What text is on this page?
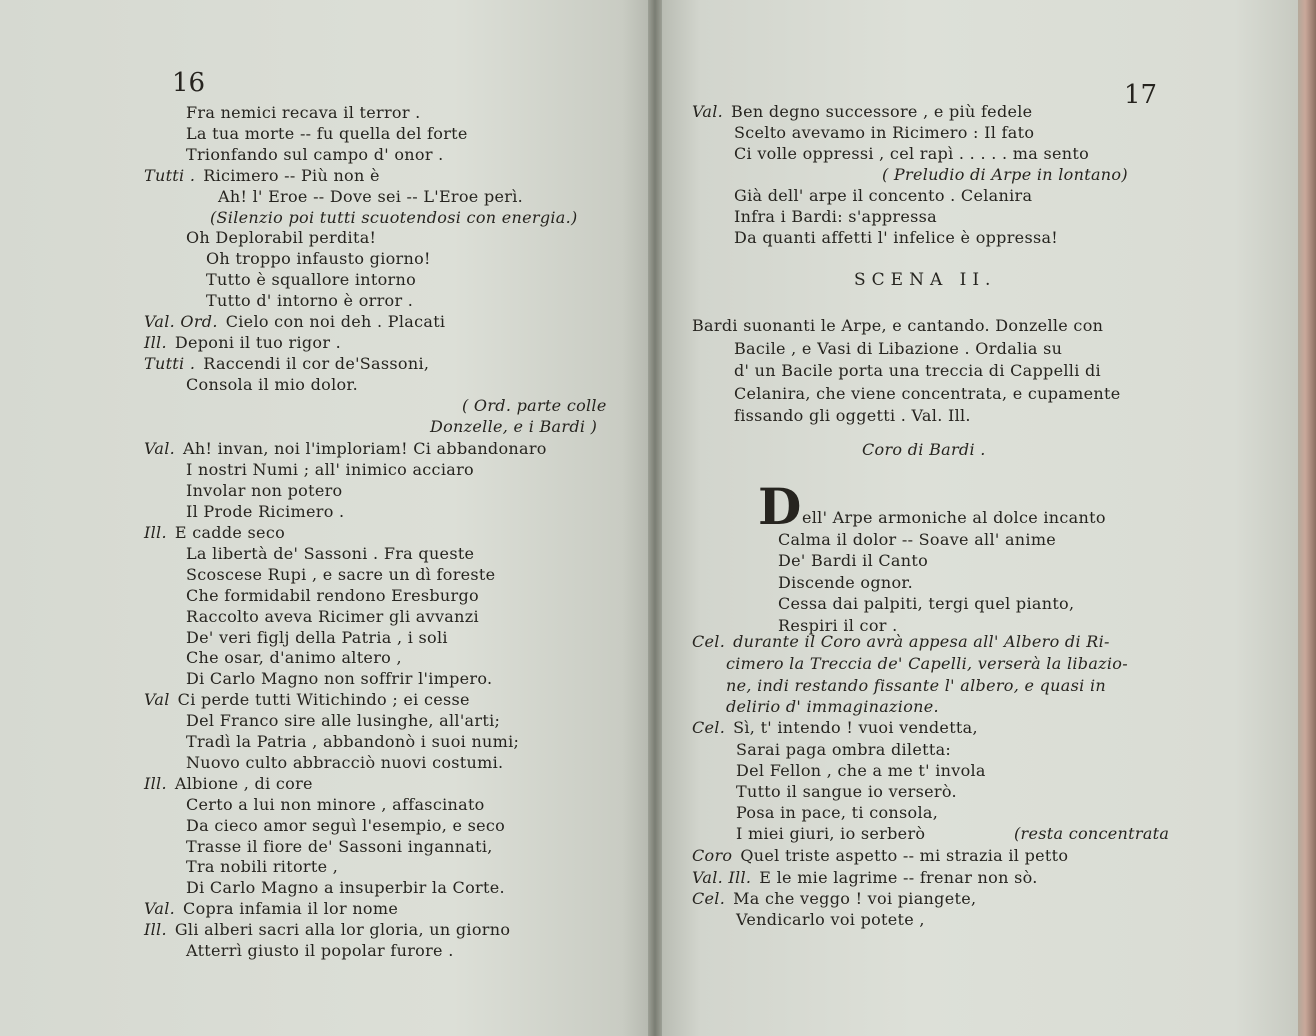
16
Fra nemici recava il terror .
La tua morte -- fu quella del forte
Trionfando sul campo d' onor .
Tutti . Ricimero -- Più non è
Ah! l' Eroe -- Dove sei -- L'Eroe perì.
(Silenzio poi tutti scuotendosi con energia.)
Oh Deplorabil perdita!
Oh troppo infausto giorno!
Tutto è squallore intorno
Tutto d' intorno è orror .
Val. Ord. Cielo con noi deh . Placati
Ill. Deponi il tuo rigor .
Tutti . Raccendi il cor de'Sassoni,
Consola il mio dolor.
( Ord. parte colle
Donzelle, e i Bardi )
Val. Ah! invan, noi l'imploriam! Ci abbandonaro
I nostri Numi ; all' inimico acciaro
Involar non potero
Il Prode Ricimero .
Ill. E cadde seco
La libertà de' Sassoni . Fra queste
Scoscese Rupi , e sacre un dì foreste
Che formidabil rendono Eresburgo
Raccolto aveva Ricimer gli avvanzi
De' veri figlj della Patria , i soli
Che osar, d'animo altero ,
Di Carlo Magno non soffrir l'impero.
Val Ci perde tutti Witichindo ; ei cesse
Del Franco sire alle lusinghe, all'arti;
Tradì la Patria , abbandonò i suoi numi;
Nuovo culto abbracciò nuovi costumi.
Ill. Albione , di core
Certo a lui non minore , affascinato
Da cieco amor seguì l'esempio, e seco
Trasse il fiore de' Sassoni ingannati,
Tra nobili ritorte ,
Di Carlo Magno a insuperbir la Corte.
Val. Copra infamia il lor nome
Ill. Gli alberi sacri alla lor gloria, un giorno
Atterrì giusto il popolar furore .
17
Val. Ben degno successore , e più fedele
Scelto avevamo in Ricimero : Il fato
Ci volle oppressi , cel rapì . . . . . ma sento
( Preludio di Arpe in lontano)
Già dell' arpe il concento . Celanira
Infra i Bardi: s'appressa
Da quanti affetti l' infelice è oppressa!
SCENA II.
Bardi suonanti le Arpe, e cantando. Donzelle con
Bacile , e Vasi di Libazione . Ordalia su
d' un Bacile porta una treccia di Cappelli di
Celanira, che viene concentrata, e cupamente
fissando gli oggetti . Val. Ill.
Coro di Bardi .
D ell' Arpe armoniche al dolce incanto
Calma il dolor -- Soave all' anime
De' Bardi il Canto
Discende ognor.
Cessa dai palpiti, tergi quel pianto,
Respiri il cor .
Cel. durante il Coro avrà appesa all' Albero di Ri-
cimero la Treccia de' Capelli, verserà la libazio-
ne, indi restando fissante l' albero, e quasi in
delirio d' immaginazione.
Cel. Sì, t' intendo ! vuoi vendetta,
Sarai paga ombra diletta:
Del Fellon , che a me t' invola
Tutto il sangue io verserò.
Posa in pace, ti consola,
I miei giuri, io serberò	(resta concentrata
Coro Quel triste aspetto -- mi strazia il petto
Val. Ill. E le mie lagrime -- frenar non sò.
Cel. Ma che veggo ! voi piangete,
Vendicarlo voi potete ,
